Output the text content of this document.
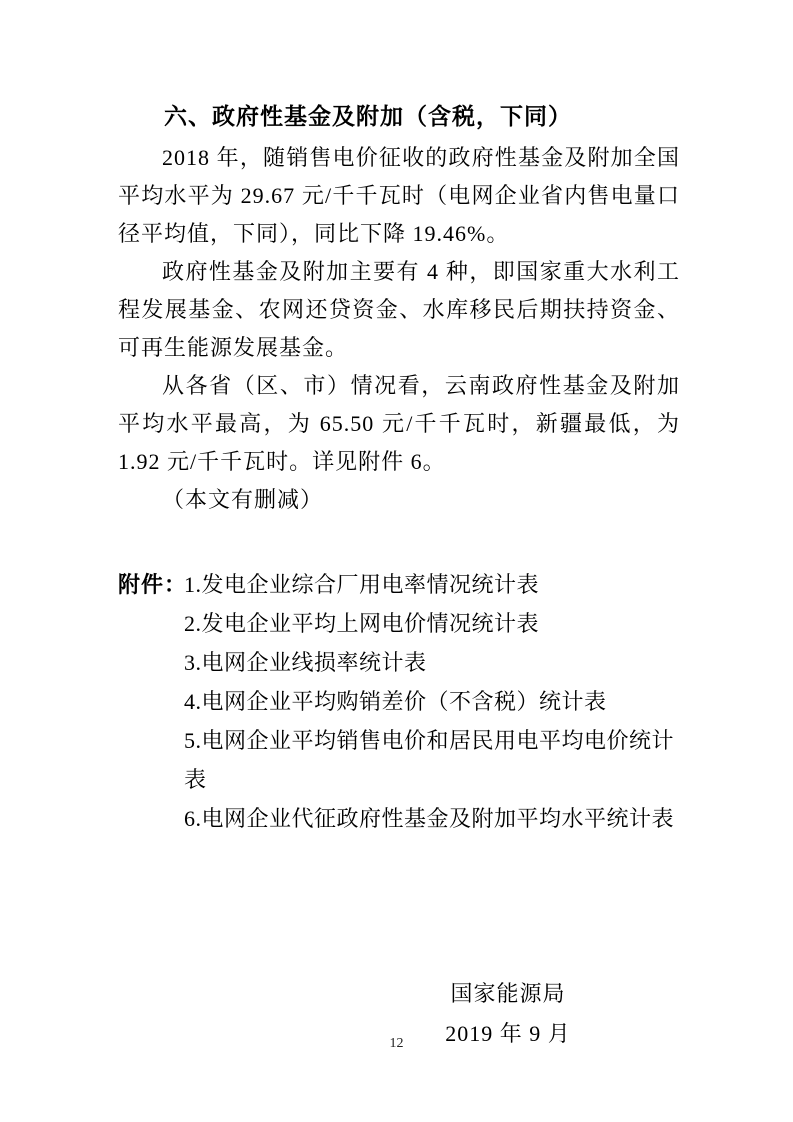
六、政府性基金及附加（含税，下同）

2018 年，随销售电价征收的政府性基金及附加全国平均水平为 29.67 元/千千瓦时（电网企业省内售电量口径平均值，下同），同比下降 19.46%。

政府性基金及附加主要有 4 种，即国家重大水利工程发展基金、农网还贷资金、水库移民后期扶持资金、可再生能源发展基金。

从各省（区、市）情况看，云南政府性基金及附加平均水平最高，为 65.50 元/千千瓦时，新疆最低，为 1.92 元/千千瓦时。详见附件 6。

（本文有删减）

附件：
1.发电企业综合厂用电率情况统计表
2.发电企业平均上网电价情况统计表
3.电网企业线损率统计表
4.电网企业平均购销差价（不含税）统计表
5.电网企业平均销售电价和居民用电平均电价统计表
6.电网企业代征政府性基金及附加平均水平统计表
国家能源局
2019 年 9 月
12
